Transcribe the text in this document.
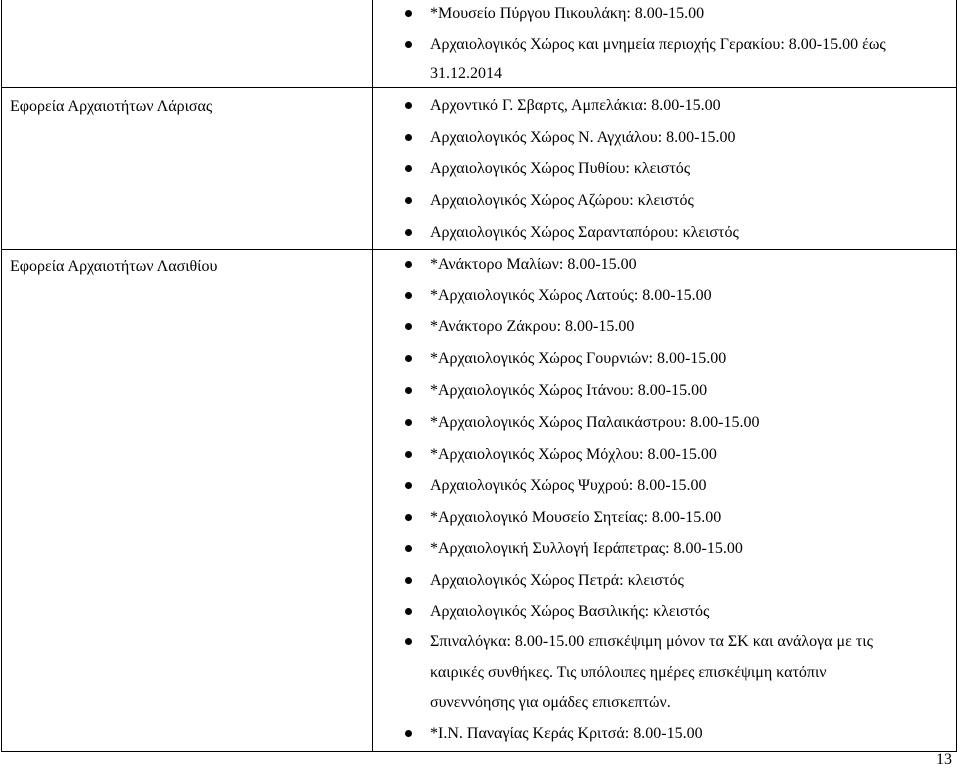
Εφορεία Αρχαιοτήτων Λάρισας
Εφορεία Αρχαιοτήτων Λασιθίου
*Μουσείο Πύργου Πικουλάκη: 8.00-15.00
Αρχαιολογικός Χώρος και μνημεία περιοχής Γερακίου: 8.00-15.00 έως
31.12.2014
Αρχοντικό Γ. Σβαρτς, Αμπελάκια: 8.00-15.00
Αρχαιολογικός Χώρος Ν. Αγχιάλου: 8.00-15.00
Αρχαιολογικός Χώρος Πυθίου: κλειστός
Αρχαιολογικός Χώρος Αζώρου: κλειστός
Αρχαιολογικός Χώρος Σαρανταπόρου: κλειστός
*Ανάκτορο Μαλίων: 8.00-15.00
*Αρχαιολογικός Χώρος Λατούς: 8.00-15.00
*Ανάκτορο Ζάκρου: 8.00-15.00
*Αρχαιολογικός Χώρος Γουρνιών: 8.00-15.00
*Αρχαιολογικός Χώρος Ιτάνου: 8.00-15.00
*Αρχαιολογικός Χώρος Παλαικάστρου: 8.00-15.00
*Αρχαιολογικός Χώρος Μόχλου: 8.00-15.00
Αρχαιολογικός Χώρος Ψυχρού: 8.00-15.00
*Αρχαιολογικό Μουσείο Σητείας: 8.00-15.00
*Αρχαιολογική Συλλογή Ιεράπετρας: 8.00-15.00
Αρχαιολογικός Χώρος Πετρά: κλειστός
Αρχαιολογικός Χώρος Βασιλικής: κλειστός
Σπιναλόγκα: 8.00-15.00 επισκέψιμη μόνον τα ΣΚ και ανάλογα με τις
καιρικές συνθήκες. Τις υπόλοιπες ημέρες επισκέψιμη κατόπιν
συνεννόησης για ομάδες επισκεπτών.
*Ι.Ν. Παναγίας Κεράς Κριτσά: 8.00-15.00
13
